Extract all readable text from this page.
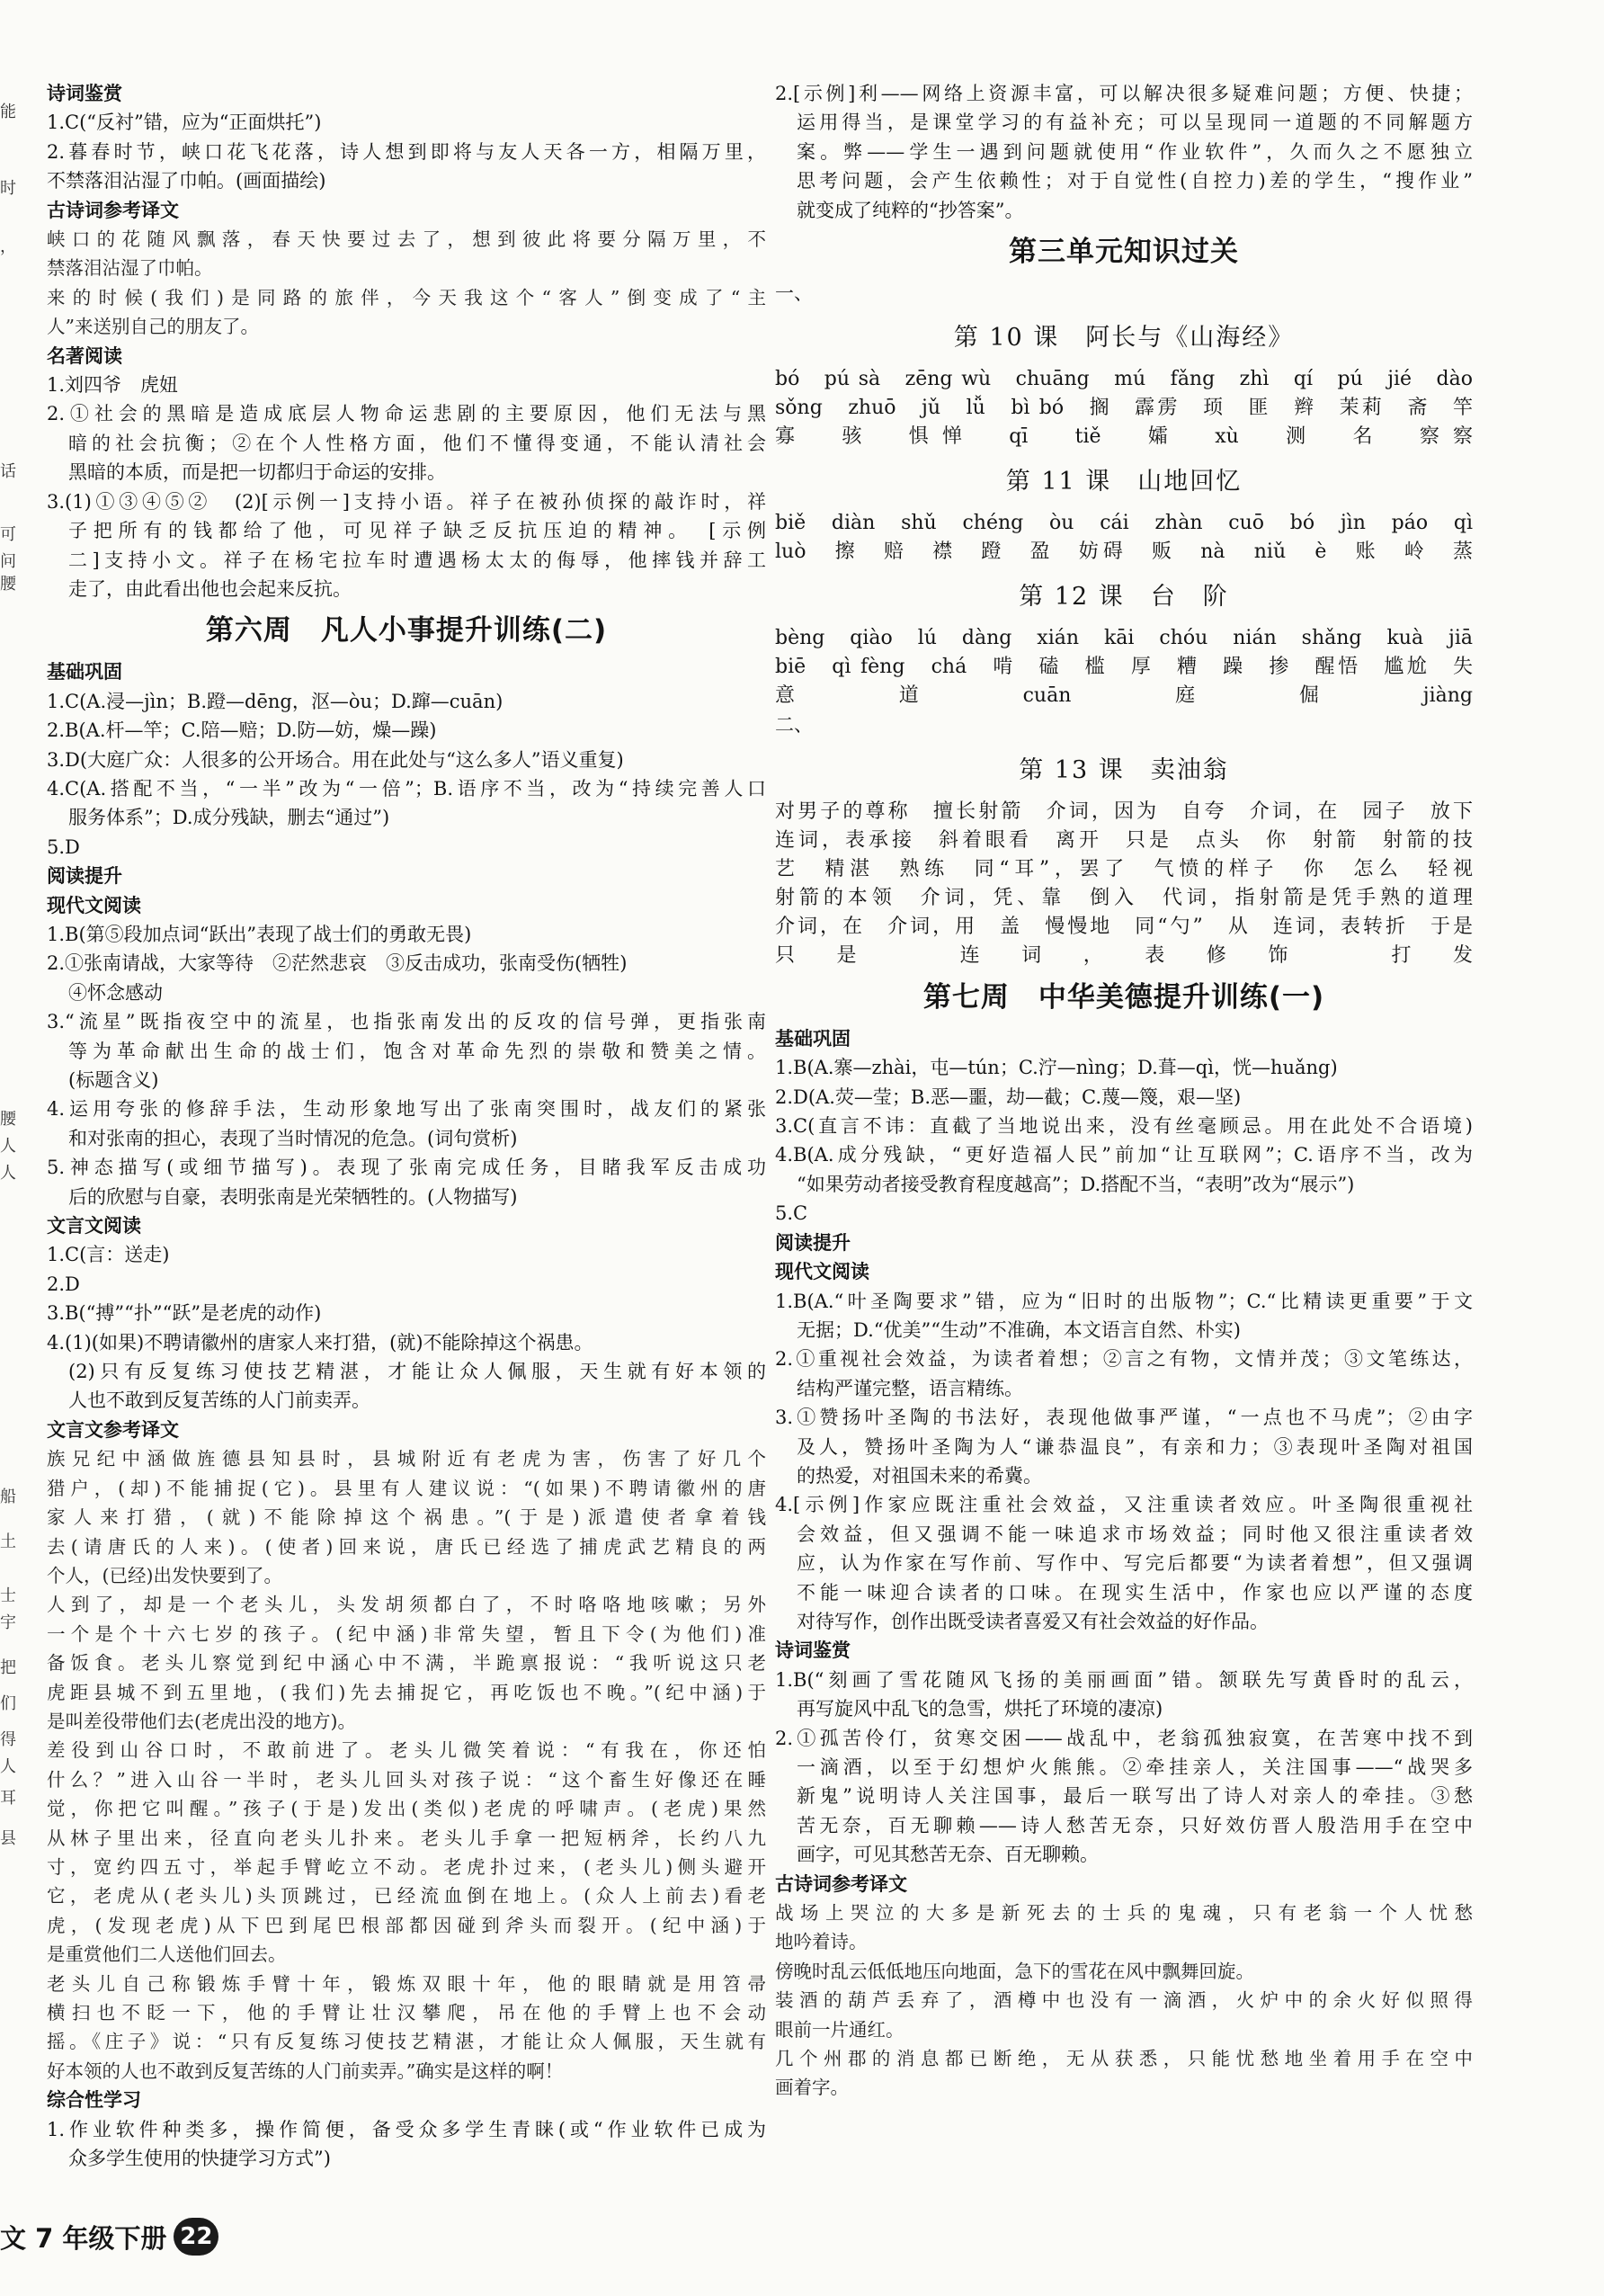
能
时
，
话
可
问
腰
腰
人
人
船
土
士
宇
把
们
得
人
耳
县
诗词鉴赏
1.C(“反衬”错，应为“正面烘托”)
2.暮春时节，峡口花飞花落，诗人想到即将与友人天各一方，相隔万里，
不禁落泪沾湿了巾帕。(画面描绘)
古诗词参考译文
峡口的花随风飘落，春天快要过去了，想到彼此将要分隔万里，不
禁落泪沾湿了巾帕。
来的时候(我们)是同路的旅伴，今天我这个“客人”倒变成了“主
人”来送别自己的朋友了。
名著阅读
1.刘四爷　虎妞
2.①社会的黑暗是造成底层人物命运悲剧的主要原因，他们无法与黑
暗的社会抗衡；②在个人性格方面，他们不懂得变通，不能认清社会
黑暗的本质，而是把一切都归于命运的安排。
3.(1)①③④⑤②　(2)[示例一]支持小语。祥子在被孙侦探的敲诈时，祥
子把所有的钱都给了他，可见祥子缺乏反抗压迫的精神。　[示例
二]支持小文。祥子在杨宅拉车时遭遇杨太太的侮辱，他摔钱并辞工
走了，由此看出他也会起来反抗。
第六周　凡人小事提升训练(二)
基础巩固
1.C(A.浸—jìn；B.蹬—dēng，沤—òu；D.蹿—cuān)
2.B(A.杆—竿；C.陪—赔；D.防—妨，燥—躁)
3.D(大庭广众：人很多的公开场合。用在此处与“这么多人”语义重复)
4.C(A.搭配不当，“一半”改为“一倍”；B.语序不当，改为“持续完善人口
服务体系”；D.成分残缺，删去“通过”)
5.D
阅读提升
现代文阅读
1.B(第⑤段加点词“跃出”表现了战士们的勇敢无畏)
2.①张南请战，大家等待　②茫然悲哀　③反击成功，张南受伤(牺牲)
④怀念感动
3.“流星”既指夜空中的流星，也指张南发出的反攻的信号弹，更指张南
等为革命献出生命的战士们，饱含对革命先烈的崇敬和赞美之情。
(标题含义)
4.运用夸张的修辞手法，生动形象地写出了张南突围时，战友们的紧张
和对张南的担心，表现了当时情况的危急。(词句赏析)
5.神态描写(或细节描写)。表现了张南完成任务，目睹我军反击成功
后的欣慰与自豪，表明张南是光荣牺牲的。(人物描写)
文言文阅读
1.C(言：送走)
2.D
3.B(“搏”“扑”“跃”是老虎的动作)
4.(1)(如果)不聘请徽州的唐家人来打猎，(就)不能除掉这个祸患。
(2)只有反复练习使技艺精湛，才能让众人佩服，天生就有好本领的
人也不敢到反复苦练的人门前卖弄。
文言文参考译文
族兄纪中涵做旌德县知县时，县城附近有老虎为害，伤害了好几个
猎户，(却)不能捕捉(它)。县里有人建议说：“(如果)不聘请徽州的唐
家人来打猎，(就)不能除掉这个祸患。”(于是)派遣使者拿着钱
去(请唐氏的人来)。(使者)回来说，唐氏已经选了捕虎武艺精良的两
个人，(已经)出发快要到了。
人到了，却是一个老头儿，头发胡须都白了，不时咯咯地咳嗽；另外
一个是个十六七岁的孩子。(纪中涵)非常失望，暂且下令(为他们)准
备饭食。老头儿察觉到纪中涵心中不满，半跪禀报说：“我听说这只老
虎距县城不到五里地，(我们)先去捕捉它，再吃饭也不晚。”(纪中涵)于
是叫差役带他们去(老虎出没的地方)。
差役到山谷口时，不敢前进了。老头儿微笑着说：“有我在，你还怕
什么？”进入山谷一半时，老头儿回头对孩子说：“这个畜生好像还在睡
觉，你把它叫醒。”孩子(于是)发出(类似)老虎的呼啸声。(老虎)果然
从林子里出来，径直向老头儿扑来。老头儿手拿一把短柄斧，长约八九
寸，宽约四五寸，举起手臂屹立不动。老虎扑过来，(老头儿)侧头避开
它，老虎从(老头儿)头顶跳过，已经流血倒在地上。(众人上前去)看老
虎，(发现老虎)从下巴到尾巴根部都因碰到斧头而裂开。(纪中涵)于
是重赏他们二人送他们回去。
老头儿自己称锻炼手臂十年，锻炼双眼十年，他的眼睛就是用笤帚
横扫也不眨一下，他的手臂让壮汉攀爬，吊在他的手臂上也不会动
摇。《庄子》说：“只有反复练习使技艺精湛，才能让众人佩服，天生就有
好本领的人也不敢到反复苦练的人门前卖弄。”确实是这样的啊！
综合性学习
1.作业软件种类多，操作简便，备受众多学生青睐(或“作业软件已成为
众多学生使用的快捷学习方式”)
2.[示例]利——网络上资源丰富，可以解决很多疑难问题；方便、快捷；
运用得当，是课堂学习的有益补充；可以呈现同一道题的不同解题方
案。弊——学生一遇到问题就使用“作业软件”，久而久之不愿独立
思考问题，会产生依赖性；对于自觉性(自控力)差的学生，“搜作业”
就变成了纯粹的“抄答案”。
第三单元知识过关
一、
第 10 课　阿长与《山海经》
bó　pú sà　zēng wù　chuāng　mú　fǎng　zhì　qí　pú　jié　dào
sǒng　zhuō　jǔ　lǚ　bì bó　搁　霹雳　顼　匪　辫　茉莉　斋　竿
寡　骇　惧惮　qī　tiě　孀　xù　测　名　察察
第 11 课　山地回忆
biě　diàn　shǔ　chéng　òu　cái　zhàn　cuō　bó　jìn　páo　qì
luò　擦　赔　襟　蹬　盈　妨碍　贩　nà　niǔ　è　账　岭　蒸
第 12 课　台　阶
bèng　qiào　lú　dàng　xián　kāi　chóu　nián　shǎng　kuà　jiā
biē　qì fèng　chá　啃　磕　槛　厚　糟　躁　掺　醒悟　尴尬　失
意　道　cuān　庭　倔　jiàng
二、
第 13 课　卖油翁
对男子的尊称　擅长射箭　介词，因为　自夸　介词，在　园子　放下
连词，表承接　斜着眼看　离开　只是　点头　你　射箭　射箭的技
艺　精湛　熟练　同“耳”，罢了　气愤的样子　你　怎么　轻视
射箭的本领　介词，凭、靠　倒入　代词，指射箭是凭手熟的道理
介词，在　介词，用　盖　慢慢地　同“勺”　从　连词，表转折　于是
只是　连词，表修饰　打发
第七周　中华美德提升训练(一)
基础巩固
1.B(A.寨—zhài，屯—tún；C.泞—nìng；D.葺—qì，恍—huǎng)
2.D(A.荧—莹；B.恶—噩，劫—截；C.蔑—篾，艰—坚)
3.C(直言不讳：直截了当地说出来，没有丝毫顾忌。用在此处不合语境)
4.B(A.成分残缺，“更好造福人民”前加“让互联网”；C.语序不当，改为
“如果劳动者接受教育程度越高”；D.搭配不当，“表明”改为“展示”)
5.C
阅读提升
现代文阅读
1.B(A.“叶圣陶要求”错，应为“旧时的出版物”；C.“比精读更重要”于文
无据；D.“优美”“生动”不准确，本文语言自然、朴实)
2.①重视社会效益，为读者着想；②言之有物，文情并茂；③文笔练达，
结构严谨完整，语言精练。
3.①赞扬叶圣陶的书法好，表现他做事严谨，“一点也不马虎”；②由字
及人，赞扬叶圣陶为人“谦恭温良”，有亲和力；③表现叶圣陶对祖国
的热爱，对祖国未来的希冀。
4.[示例]作家应既注重社会效益，又注重读者效应。叶圣陶很重视社
会效益，但又强调不能一味追求市场效益；同时他又很注重读者效
应，认为作家在写作前、写作中、写完后都要“为读者着想”，但又强调
不能一味迎合读者的口味。在现实生活中，作家也应以严谨的态度
对待写作，创作出既受读者喜爱又有社会效益的好作品。
诗词鉴赏
1.B(“刻画了雪花随风飞扬的美丽画面”错。颔联先写黄昏时的乱云，
再写旋风中乱飞的急雪，烘托了环境的凄凉)
2.①孤苦伶仃，贫寒交困——战乱中，老翁孤独寂寞，在苦寒中找不到
一滴酒，以至于幻想炉火熊熊。②牵挂亲人，关注国事——“战哭多
新鬼”说明诗人关注国事，最后一联写出了诗人对亲人的牵挂。③愁
苦无奈，百无聊赖——诗人愁苦无奈，只好效仿晋人殷浩用手在空中
画字，可见其愁苦无奈、百无聊赖。
古诗词参考译文
战场上哭泣的大多是新死去的士兵的鬼魂，只有老翁一个人忧愁
地吟着诗。
傍晚时乱云低低地压向地面，急下的雪花在风中飘舞回旋。
装酒的葫芦丢弃了，酒樽中也没有一滴酒，火炉中的余火好似照得
眼前一片通红。
几个州郡的消息都已断绝，无从获悉，只能忧愁地坐着用手在空中
画着字。
文 7 年级下册 22
